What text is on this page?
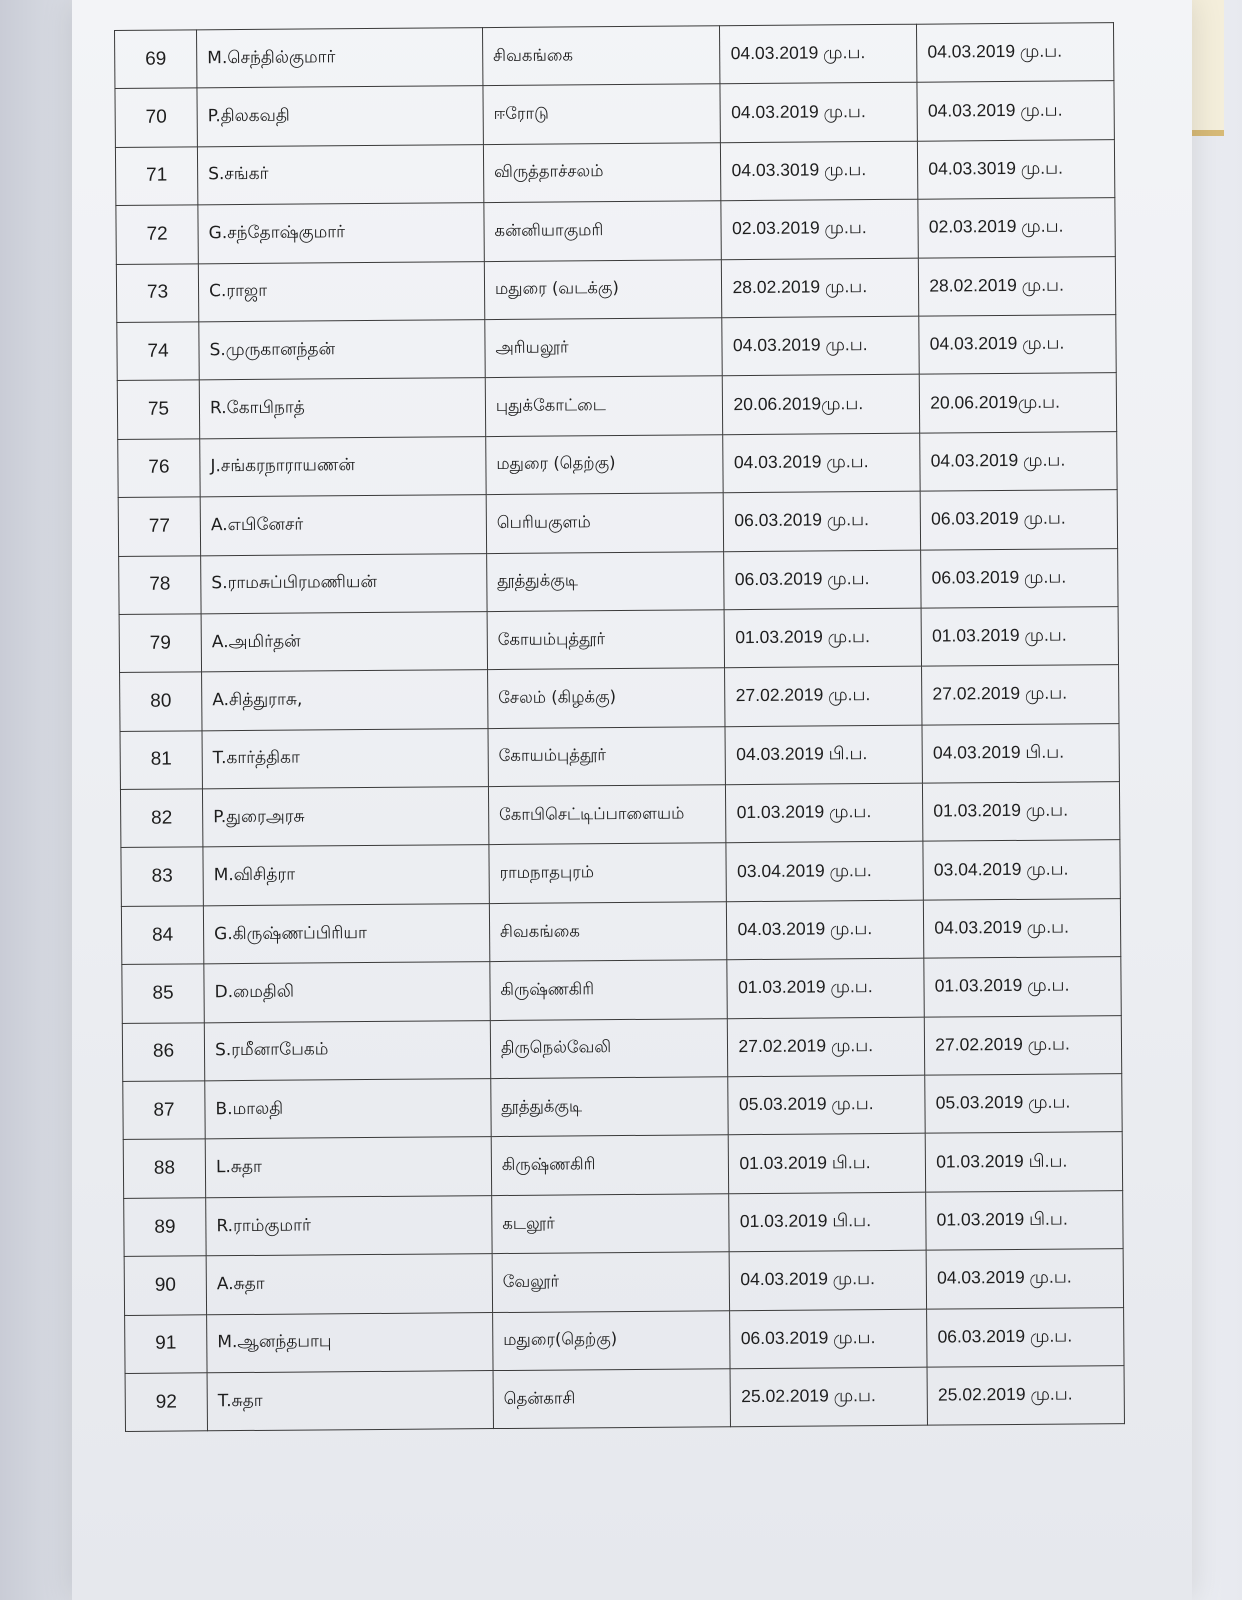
69	M.செந்தில்குமார்	சிவகங்கை	04.03.2019 மு.ப.	04.03.2019 மு.ப.
70	P.திலகவதி	ஈரோடு	04.03.2019 மு.ப.	04.03.2019 மு.ப.
71	S.சங்கர்	விருத்தாச்சலம்	04.03.3019 மு.ப.	04.03.3019 மு.ப.
72	G.சந்தோஷ்குமார்	கன்னியாகுமரி	02.03.2019 மு.ப.	02.03.2019 மு.ப.
73	C.ராஜா	மதுரை (வடக்கு)	28.02.2019 மு.ப.	28.02.2019 மு.ப.
74	S.முருகானந்தன்	அரியலூர்	04.03.2019 மு.ப.	04.03.2019 மு.ப.
75	R.கோபிநாத்	புதுக்கோட்டை	20.06.2019மு.ப.	20.06.2019மு.ப.
76	J.சங்கரநாராயணன்	மதுரை (தெற்கு)	04.03.2019 மு.ப.	04.03.2019 மு.ப.
77	A.எபினேசர்	பெரியகுளம்	06.03.2019 மு.ப.	06.03.2019 மு.ப.
78	S.ராமசுப்பிரமணியன்	தூத்துக்குடி	06.03.2019 மு.ப.	06.03.2019 மு.ப.
79	A.அமிர்தன்	கோயம்புத்தூர்	01.03.2019 மு.ப.	01.03.2019 மு.ப.
80	A.சித்துராசு,	சேலம் (கிழக்கு)	27.02.2019 மு.ப.	27.02.2019 மு.ப.
81	T.கார்த்திகா	கோயம்புத்தூர்	04.03.2019 பி.ப.	04.03.2019 பி.ப.
82	P.துரைஅரசு	கோபிசெட்டிப்பாளையம்	01.03.2019 மு.ப.	01.03.2019 மு.ப.
83	M.விசித்ரா	ராமநாதபுரம்	03.04.2019 மு.ப.	03.04.2019 மு.ப.
84	G.கிருஷ்ணப்பிரியா	சிவகங்கை	04.03.2019 மு.ப.	04.03.2019 மு.ப.
85	D.மைதிலி	கிருஷ்ணகிரி	01.03.2019 மு.ப.	01.03.2019 மு.ப.
86	S.ரமீனாபேகம்	திருநெல்வேலி	27.02.2019 மு.ப.	27.02.2019 மு.ப.
87	B.மாலதி	தூத்துக்குடி	05.03.2019 மு.ப.	05.03.2019 மு.ப.
88	L.சுதா	கிருஷ்ணகிரி	01.03.2019 பி.ப.	01.03.2019 பி.ப.
89	R.ராம்குமார்	கடலூர்	01.03.2019 பி.ப.	01.03.2019 பி.ப.
90	A.சுதா	வேலூர்	04.03.2019 மு.ப.	04.03.2019 மு.ப.
91	M.ஆனந்தபாபு	மதுரை(தெற்கு)	06.03.2019 மு.ப.	06.03.2019 மு.ப.
92	T.சுதா	தென்காசி	25.02.2019 மு.ப.	25.02.2019 மு.ப.
